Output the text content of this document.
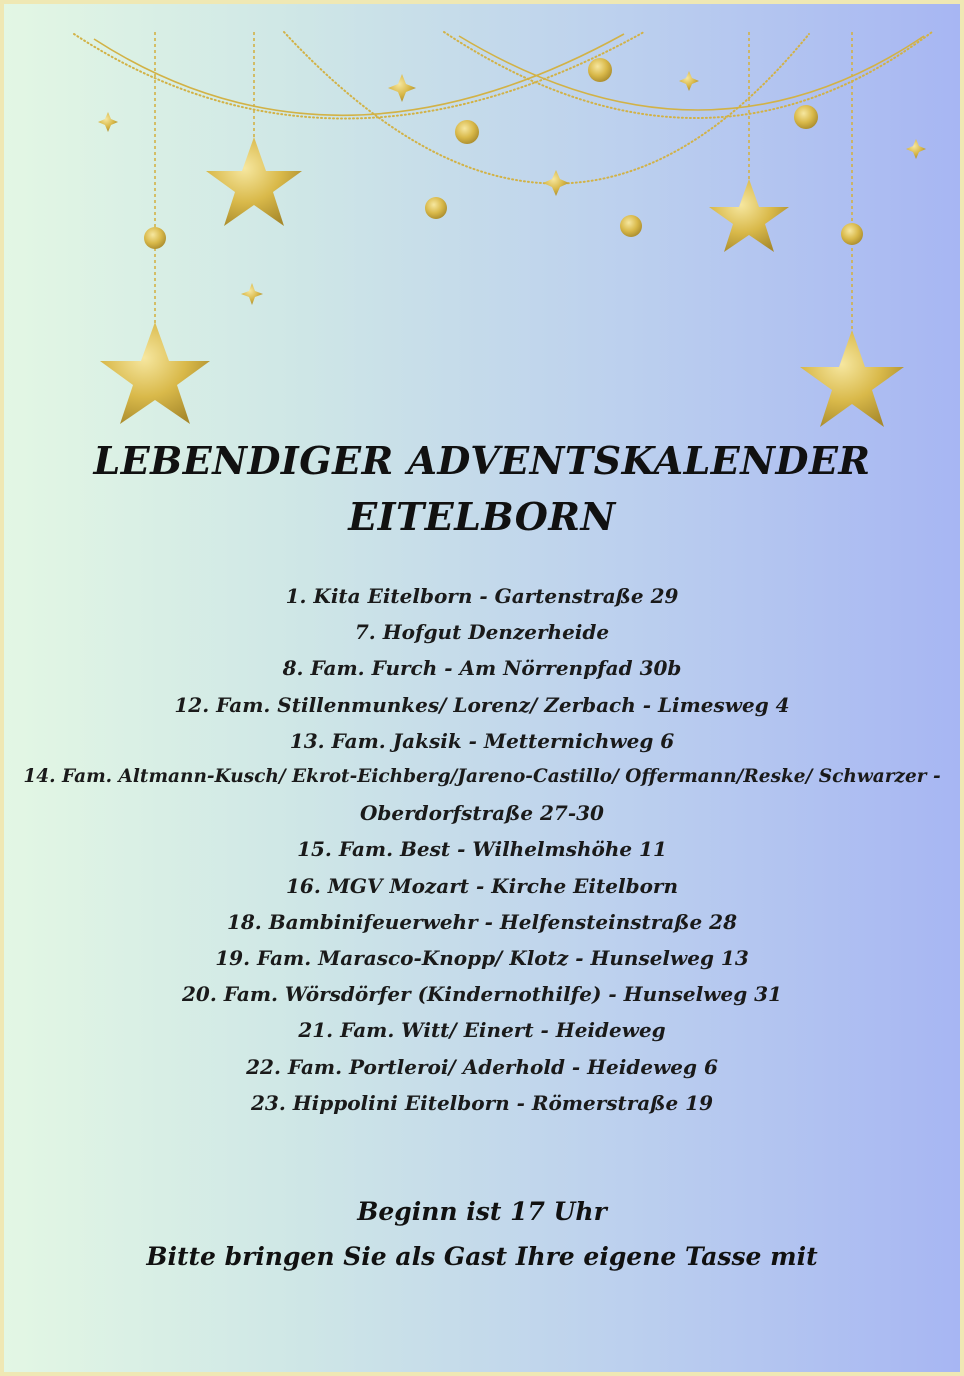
LEBENDIGER ADVENTSKALENDER
EITELBORN
1. Kita Eitelborn - Gartenstraße 29
7. Hofgut Denzerheide
8. Fam. Furch - Am Nörrenpfad 30b
12. Fam. Stillenmunkes/ Lorenz/ Zerbach - Limesweg 4
13. Fam. Jaksik - Metternichweg 6
14. Fam. Altmann-Kusch/ Ekrot-Eichberg/Jareno-Castillo/ Offermann/Reske/ Schwarzer -
Oberdorfstraße 27-30
15. Fam. Best - Wilhelmshöhe 11
16. MGV Mozart - Kirche Eitelborn
18. Bambinifeuerwehr - Helfensteinstraße 28
19. Fam. Marasco-Knopp/ Klotz - Hunselweg 13
20. Fam. Wörsdörfer (Kindernothilfe) - Hunselweg 31
21. Fam. Witt/ Einert - Heideweg
22. Fam. Portleroi/ Aderhold - Heideweg 6
23. Hippolini Eitelborn - Römerstraße 19
Beginn ist 17 Uhr
Bitte bringen Sie als Gast Ihre eigene Tasse mit
